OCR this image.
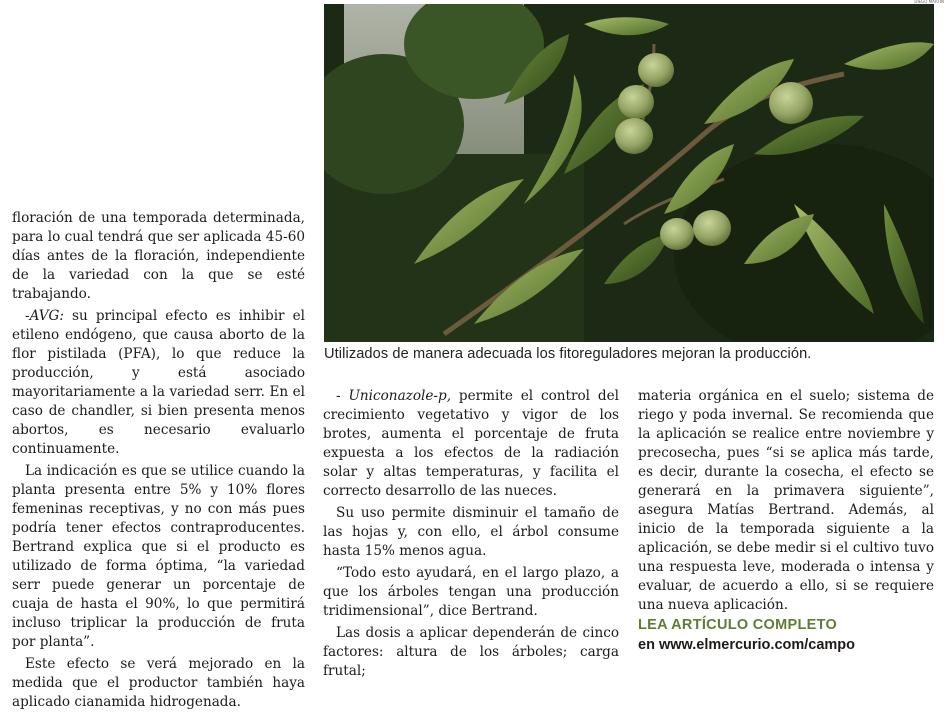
DIEGO MARTIN
Utilizados de manera adecuada los fitoreguladores mejoran la producción.

floración de una temporada determinada, para lo cual tendrá que ser aplicada 45-60 días antes de la floración, independiente de la variedad con la que se esté trabajando.

-AVG: su principal efecto es inhibir el etileno endógeno, que causa aborto de la flor pistilada (PFA), lo que reduce la producción, y está asociado mayoritariamente a la variedad serr. En el caso de chandler, si bien presenta menos abortos, es necesario evaluarlo continuamente.

La indicación es que se utilice cuando la planta presenta entre 5% y 10% flores femeninas receptivas, y no con más pues podría tener efectos contraproducentes. Bertrand explica que si el producto es utilizado de forma óptima, “la variedad serr puede generar un porcentaje de cuaja de hasta el 90%, lo que permitirá incluso triplicar la producción de fruta por planta”.

Este efecto se verá mejorado en la medida que el productor también haya aplicado cianamida hidrogenada.

- Uniconazole-p, permite el control del crecimiento vegetativo y vigor de los brotes, aumenta el porcentaje de fruta expuesta a los efectos de la radiación solar y altas temperaturas, y facilita el correcto desarrollo de las nueces.

Su uso permite disminuir el tamaño de las hojas y, con ello, el árbol consume hasta 15% menos agua.

“Todo esto ayudará, en el largo plazo, a que los árboles tengan una producción tridimensional”, dice Bertrand.

Las dosis a aplicar dependerán de cinco factores: altura de los árboles; carga frutal;

materia orgánica en el suelo; sistema de riego y poda invernal. Se recomienda que la aplicación se realice entre noviembre y precosecha, pues “si se aplica más tarde, es decir, durante la cosecha, el efecto se generará en la primavera siguiente”, asegura Matías Bertrand. Además, al inicio de la temporada siguiente a la aplicación, se debe medir si el cultivo tuvo una respuesta leve, moderada o intensa y evaluar, de acuerdo a ello, si se requiere una nueva aplicación.

LEA ARTÍCULO COMPLETO
en www.elmercurio.com/campo
